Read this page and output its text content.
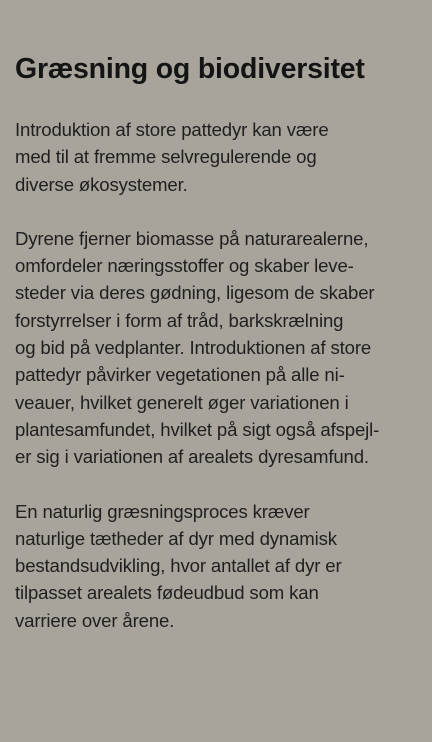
Græsning og biodiversitet

Introduktion af store pattedyr kan være
med til at fremme selvregulerende og
diverse økosystemer.

Dyrene fjerner biomasse på naturarealerne,
omfordeler næringsstoffer og skaber leve-
steder via deres gødning, ligesom de skaber
forstyrrelser i form af tråd, barkskrælning
og bid på vedplanter. Introduktionen af store
pattedyr påvirker vegetationen på alle ni-
veauer, hvilket generelt øger variationen i
plantesamfundet, hvilket på sigt også afspejl-
er sig i variationen af arealets dyresamfund.

En naturlig græsningsproces kræver
naturlige tætheder af dyr med dynamisk
bestandsudvikling, hvor antallet af dyr er
tilpasset arealets fødeudbud som kan
varriere over årene.
